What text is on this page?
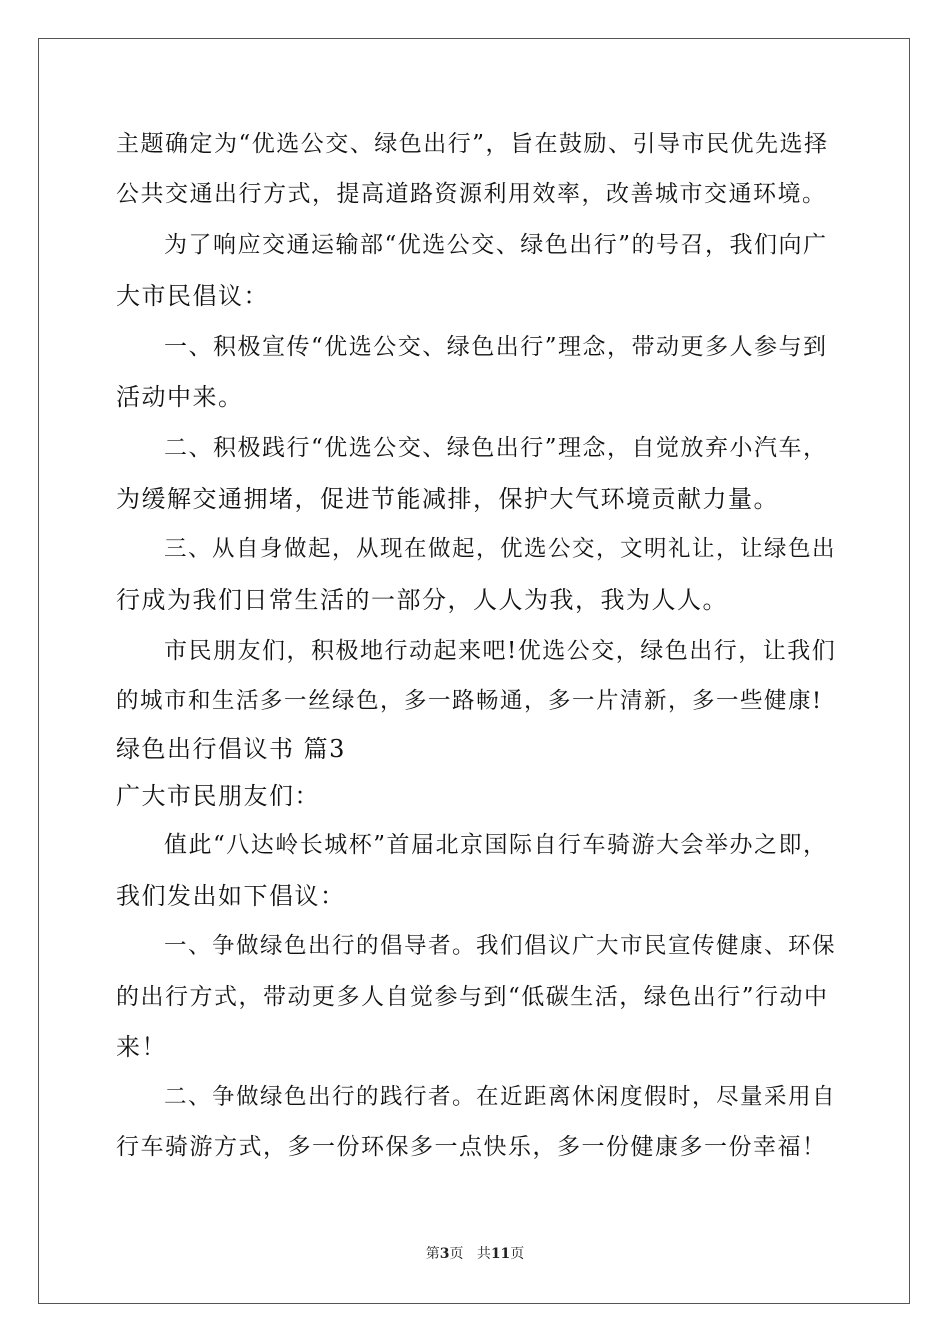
主题确定为“优选公交、绿色出行”，旨在鼓励、引导市民优先选择
公共交通出行方式，提高道路资源利用效率，改善城市交通环境。
为了响应交通运输部“优选公交、绿色出行”的号召，我们向广
大市民倡议：
一、积极宣传“优选公交、绿色出行”理念，带动更多人参与到
活动中来。
二、积极践行“优选公交、绿色出行”理念，自觉放弃小汽车，
为缓解交通拥堵，促进节能减排，保护大气环境贡献力量。
三、从自身做起，从现在做起，优选公交，文明礼让，让绿色出
行成为我们日常生活的一部分，人人为我，我为人人。
市民朋友们，积极地行动起来吧!优选公交，绿色出行，让我们
的城市和生活多一丝绿色，多一路畅通，多一片清新，多一些健康!
绿色出行倡议书 篇3
广大市民朋友们：
值此“八达岭长城杯”首届北京国际自行车骑游大会举办之即，
我们发出如下倡议：
一、争做绿色出行的倡导者。我们倡议广大市民宣传健康、环保
的出行方式，带动更多人自觉参与到“低碳生活，绿色出行”行动中
来！
二、争做绿色出行的践行者。在近距离休闲度假时，尽量采用自
行车骑游方式，多一份环保多一点快乐，多一份健康多一份幸福！
第3页 共11页
